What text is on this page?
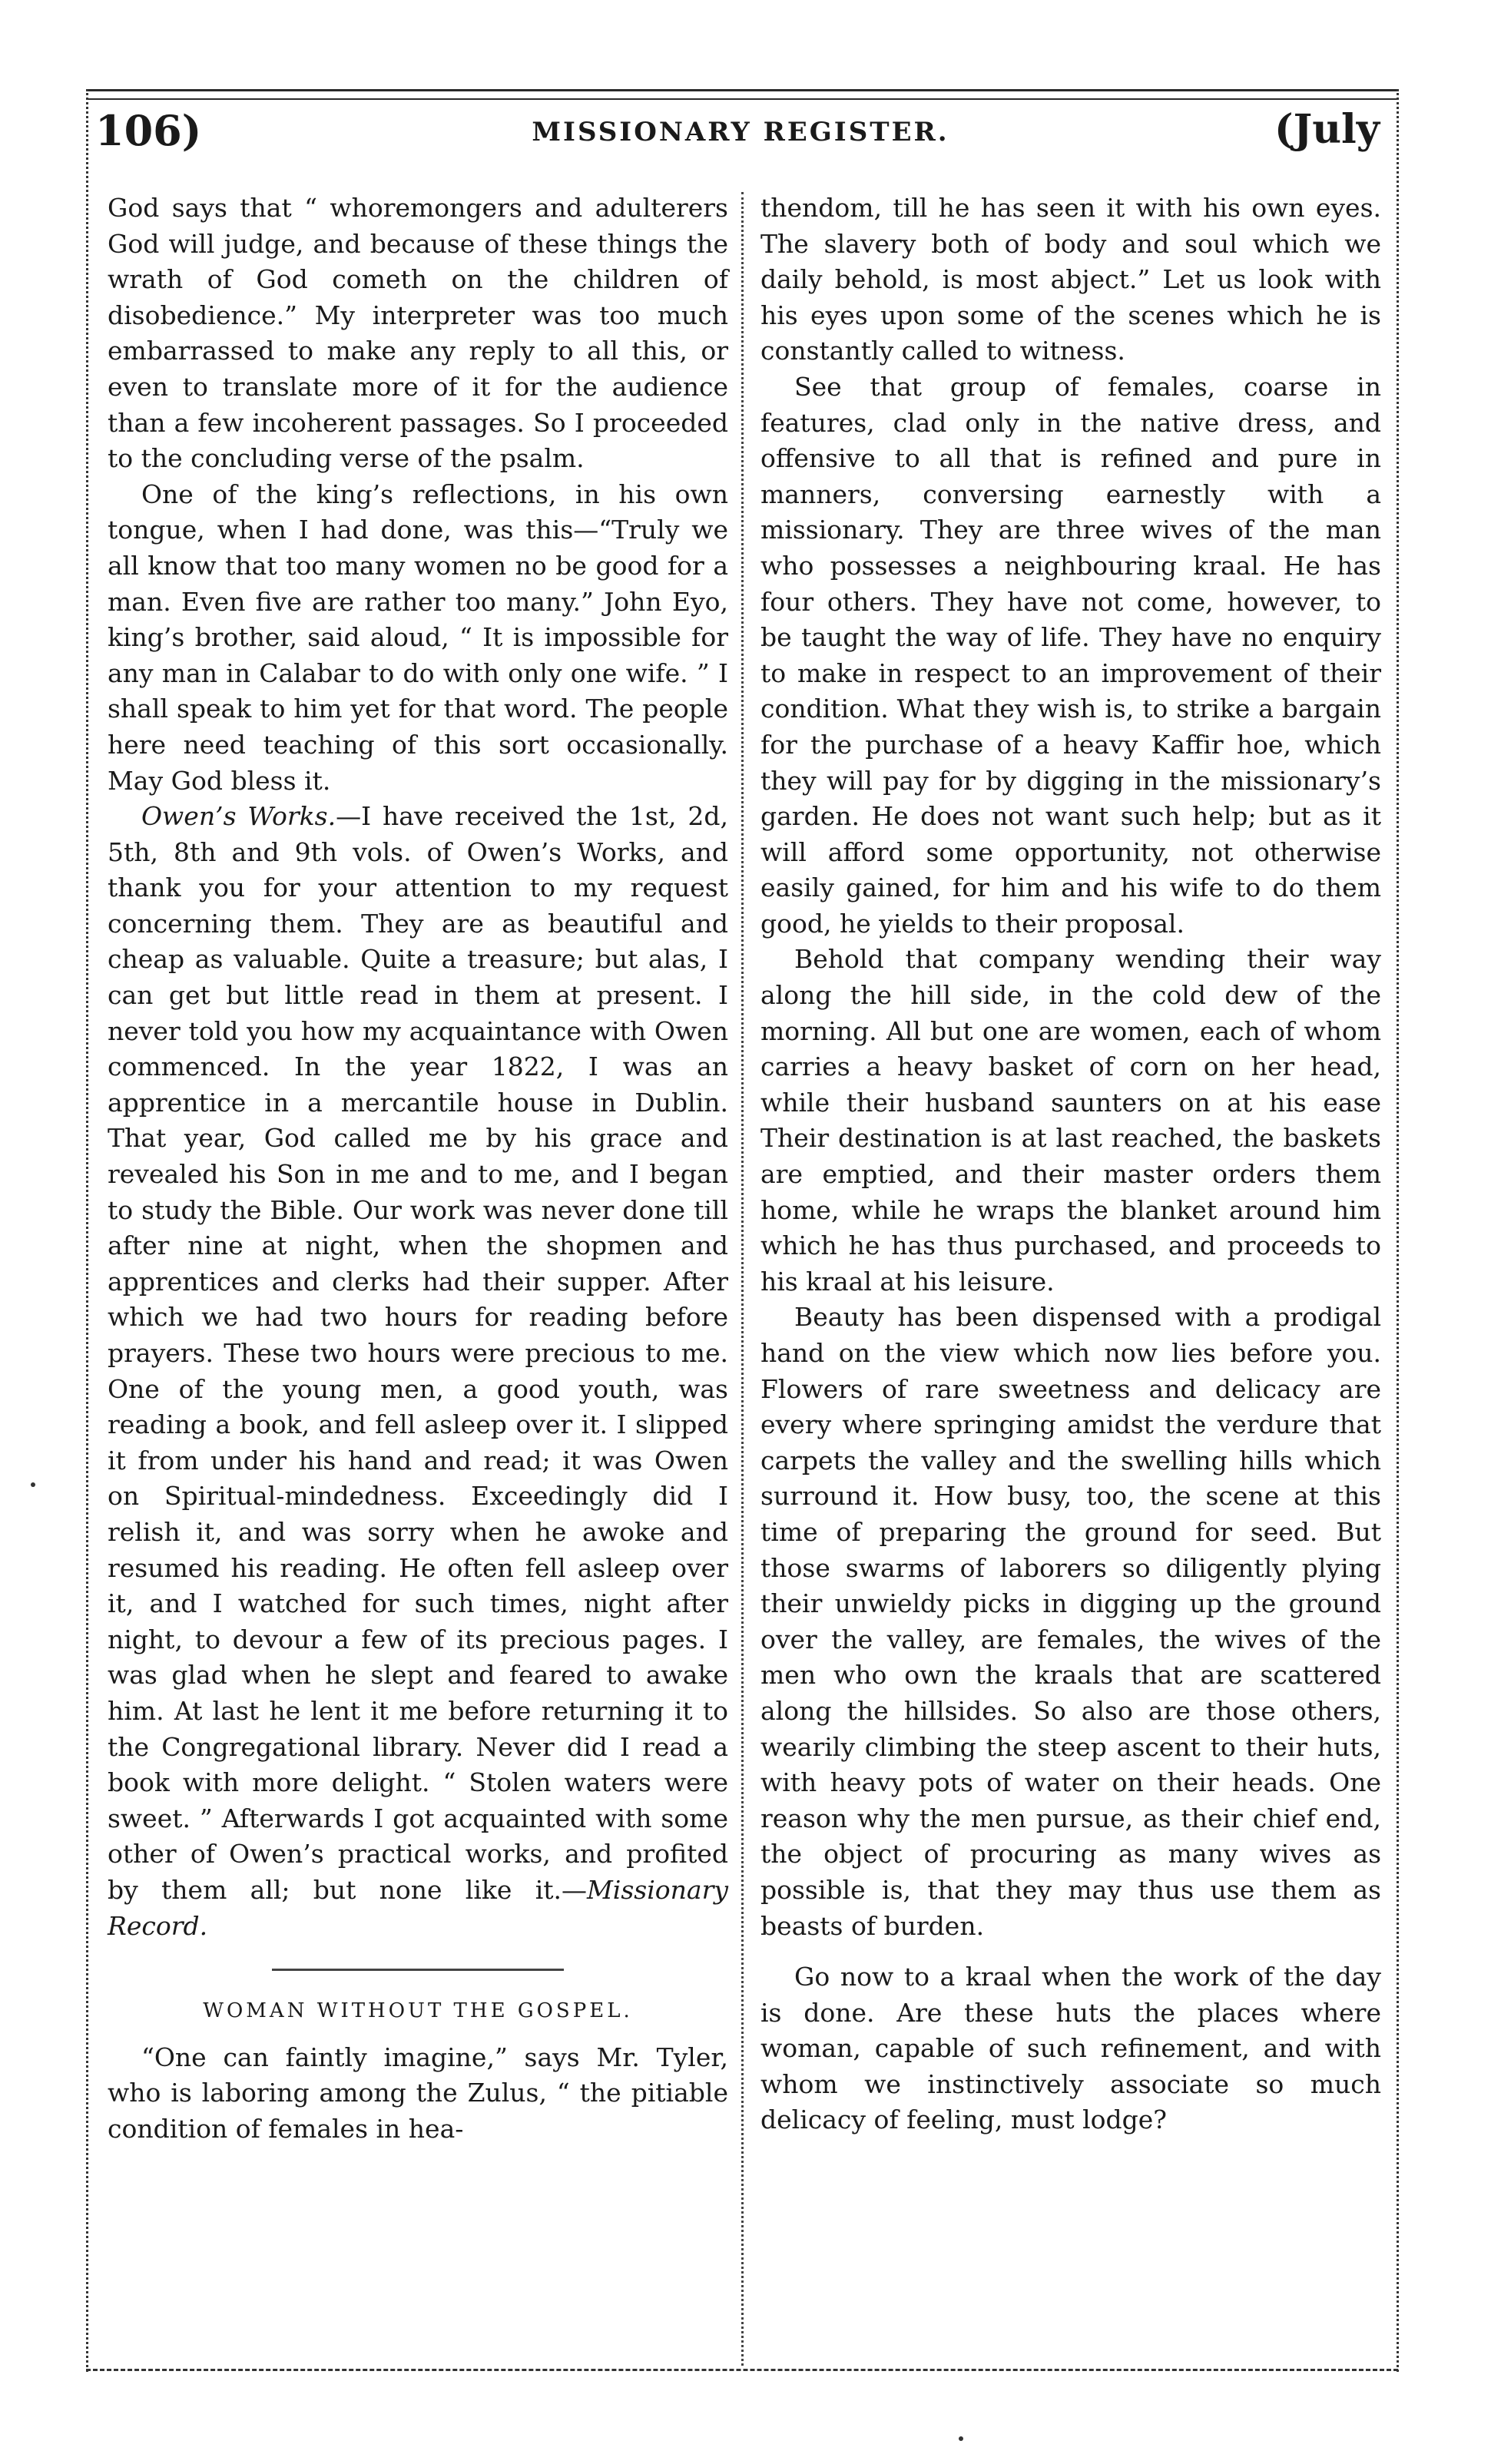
106)	MISSIONARY REGISTER.	(July

God says that “ whoremongers and adulterers God will judge, and because of these things the wrath of God cometh on the children of disobedience.” My interpreter was too much embarrassed to make any reply to all this, or even to translate more of it for the audience than a few incoherent passages. So I proceeded to the concluding verse of the psalm.

One of the king’s reflections, in his own tongue, when I had done, was this—“Truly we all know that too many women no be good for a man. Even five are rather too many.” John Eyo, king’s brother, said aloud, “ It is impossible for any man in Calabar to do with only one wife. ” I shall speak to him yet for that word. The people here need teaching of this sort occasionally. May God bless it.

Owen’s Works.—I have received the 1st, 2d, 5th, 8th and 9th vols. of Owen’s Works, and thank you for your attention to my request concerning them. They are as beautiful and cheap as valuable. Quite a treasure; but alas, I can get but little read in them at present. I never told you how my acquaintance with Owen commenced. In the year 1822, I was an apprentice in a mercantile house in Dublin. That year, God called me by his grace and revealed his Son in me and to me, and I began to study the Bible. Our work was never done till after nine at night, when the shopmen and apprentices and clerks had their supper. After which we had two hours for reading before prayers. These two hours were precious to me. One of the young men, a good youth, was reading a book, and fell asleep over it. I slipped it from under his hand and read; it was Owen on Spiritual-mindedness. Exceedingly did I relish it, and was sorry when he awoke and resumed his reading. He often fell asleep over it, and I watched for such times, night after night, to devour a few of its precious pages. I was glad when he slept and feared to awake him. At last he lent it me before returning it to the Congregational library. Never did I read a book with more delight. “ Stolen waters were sweet. ” Afterwards I got acquainted with some other of Owen’s practical works, and profited by them all; but none like it.—Missionary Record.

WOMAN WITHOUT THE GOSPEL.

“One can faintly imagine,” says Mr. Tyler, who is laboring among the Zulus, “ the pitiable condition of females in hea-

thendom, till he has seen it with his own eyes. The slavery both of body and soul which we daily behold, is most abject.” Let us look with his eyes upon some of the scenes which he is constantly called to witness.

See that group of females, coarse in features, clad only in the native dress, and offensive to all that is refined and pure in manners, conversing earnestly with a missionary. They are three wives of the man who possesses a neighbouring kraal. He has four others. They have not come, however, to be taught the way of life. They have no enquiry to make in respect to an improvement of their condition. What they wish is, to strike a bargain for the purchase of a heavy Kaffir hoe, which they will pay for by digging in the missionary’s garden. He does not want such help; but as it will afford some opportunity, not otherwise easily gained, for him and his wife to do them good, he yields to their proposal.

Behold that company wending their way along the hill side, in the cold dew of the morning. All but one are women, each of whom carries a heavy basket of corn on her head, while their husband saunters on at his ease Their destination is at last reached, the baskets are emptied, and their master orders them home, while he wraps the blanket around him which he has thus purchased, and proceeds to his kraal at his leisure.

Beauty has been dispensed with a prodigal hand on the view which now lies before you. Flowers of rare sweetness and delicacy are every where springing amidst the verdure that carpets the valley and the swelling hills which surround it. How busy, too, the scene at this time of preparing the ground for seed. But those swarms of laborers so diligently plying their unwieldy picks in digging up the ground over the valley, are females, the wives of the men who own the kraals that are scattered along the hillsides. So also are those others, wearily climbing the steep ascent to their huts, with heavy pots of water on their heads. One reason why the men pursue, as their chief end, the object of procuring as many wives as possible is, that they may thus use them as beasts of burden.

Go now to a kraal when the work of the day is done. Are these huts the places where woman, capable of such refinement, and with whom we instinctively associate so much delicacy of feeling, must lodge?
